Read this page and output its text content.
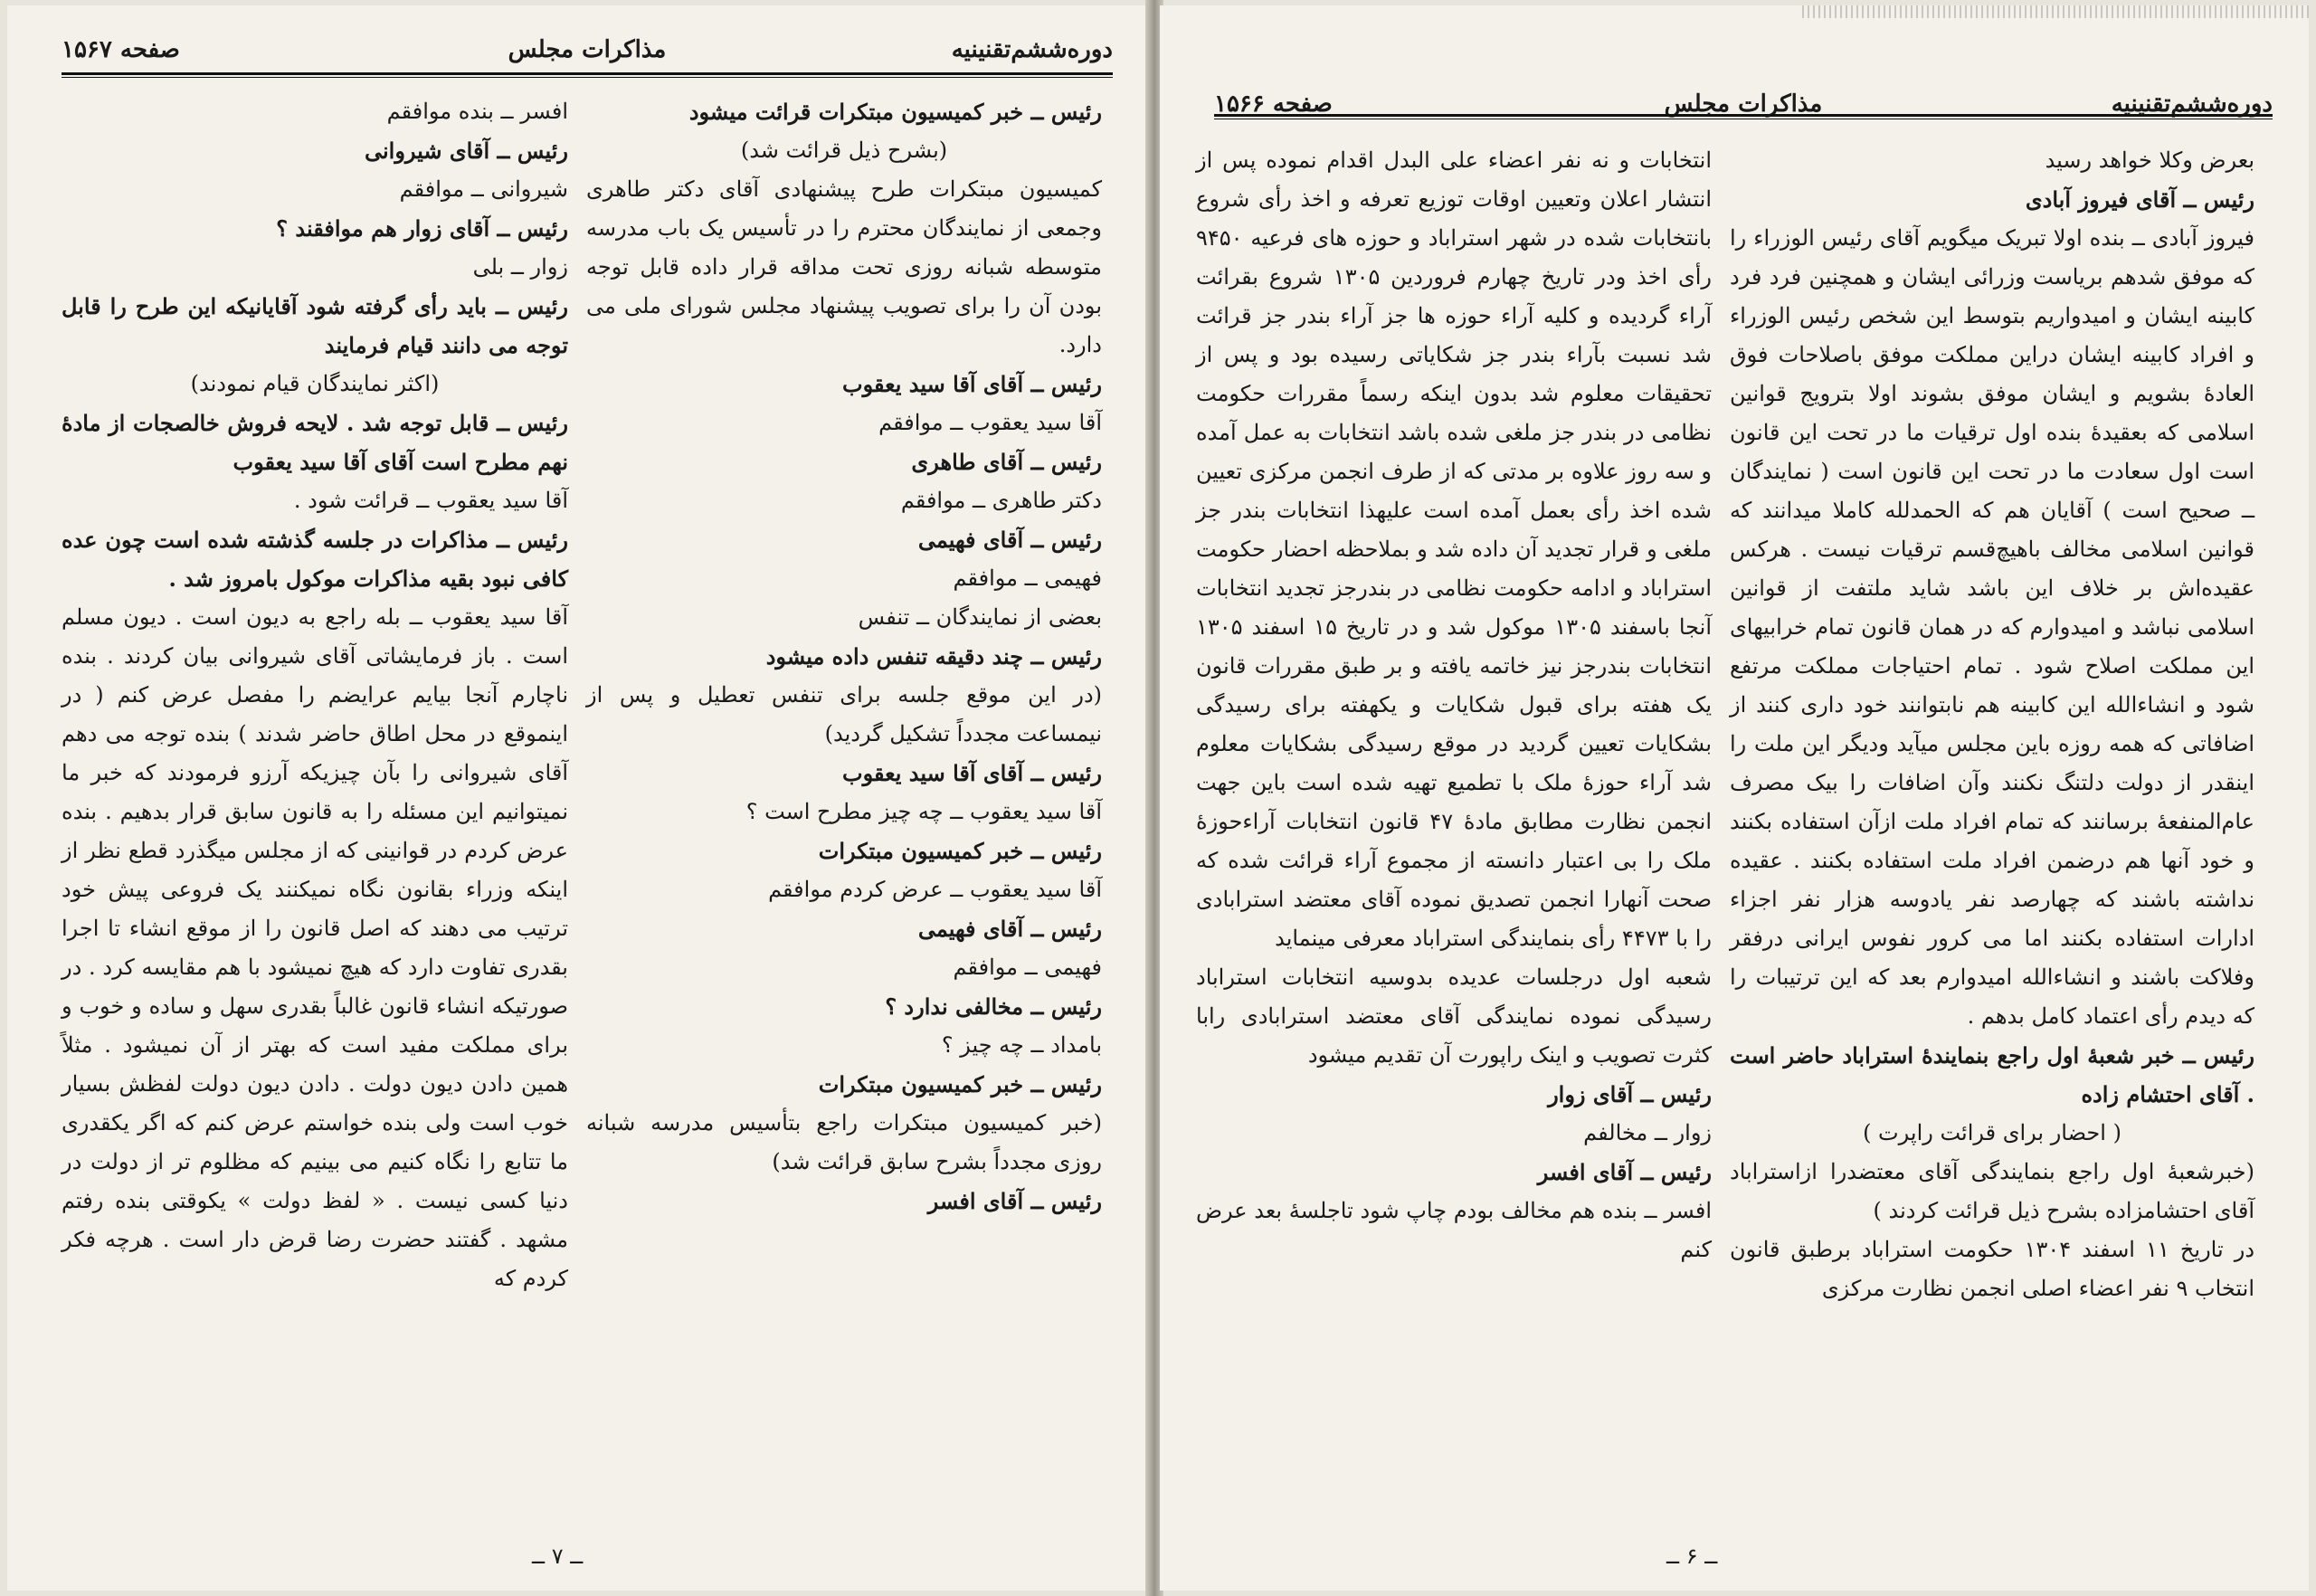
دوره‌ششم‌تقنینیه
مذاکرات مجلس
صفحه ۱۵۶۷

رئیس ــ خبر کمیسیون مبتکرات قرائت میشود

(بشرح ذیل قرائت شد)

کمیسیون مبتکرات طرح پیشنهادی آقای دکتر طاهری وجمعی از نمایندگان محترم را در تأسیس یک باب مدرسه متوسطه شبانه روزی تحت مداقه قرار داده قابل توجه بودن آن را برای تصویب پیشنهاد مجلس شورای ملی می دارد.

رئیس ــ آقای آقا سید یعقوب

آقا سید یعقوب ــ موافقم

رئیس ــ آقای طاهری

دکتر طاهری ــ موافقم

رئیس ــ آقای فهیمی

فهیمی ــ موافقم

بعضی از نمایندگان ــ تنفس

رئیس ــ چند دقیقه تنفس داده میشود

(در این موقع جلسه برای تنفس تعطیل و پس از نیمساعت مجدداً تشکیل گردید)

رئیس ــ آقای آقا سید یعقوب

آقا سید یعقوب ــ چه چیز مطرح است ؟

رئیس ــ خبر کمیسیون مبتکرات

آقا سید یعقوب ــ عرض کردم موافقم

رئیس ــ آقای فهیمی

فهیمی ــ موافقم

رئیس ــ مخالفی ندارد ؟

بامداد ــ چه چیز ؟

رئیس ــ خبر کمیسیون مبتکرات

(خبر کمیسیون مبتکرات راجع بتأسیس مدرسه شبانه روزی مجدداً بشرح سابق قرائت شد)

رئیس ــ آقای افسر

افسر ــ بنده موافقم

رئیس ــ آقای شیروانی

شیروانی ــ موافقم

رئیس ــ آقای زوار هم موافقند ؟

زوار ــ بلی

رئیس ــ باید رأی گرفته شود آقایانیکه این طرح را قابل توجه می دانند قیام فرمایند

(اکثر نمایندگان قیام نمودند)

رئیس ــ قابل توجه شد . لایحه فروش خالصجات از مادهٔ نهم مطرح است آقای آقا سید یعقوب

آقا سید یعقوب ــ قرائت شود .

رئیس ــ مذاکرات در جلسه گذشته شده است چون عده کافی نبود بقیه مذاکرات موکول بامروز شد .

آقا سید یعقوب ــ بله راجع به دیون است . دیون مسلم است . باز فرمایشاتی آقای شیروانی بیان کردند . بنده ناچارم آنجا بیایم عرایضم را مفصل عرض کنم ( در اینموقع در محل اطاق حاضر شدند ) بنده توجه می دهم آقای شیروانی را بآن چیزیکه آرزو فرمودند که خبر ما نمیتوانیم این مسئله را به قانون سابق قرار بدهیم . بنده عرض کردم در قوانینی که از مجلس میگذرد قطع نظر از اینکه وزراء بقانون نگاه نمیکنند یک فروعی پیش خود ترتیب می دهند که اصل قانون را از موقع انشاء تا اجرا بقدری تفاوت دارد که هیچ نمیشود با هم مقایسه کرد . در صورتیکه انشاء قانون غالباً بقدری سهل و ساده و خوب و برای مملکت مفید است که بهتر از آن نمیشود . مثلاً همین دادن دیون دولت . دادن دیون دولت لفظش بسیار خوب است ولی بنده خواستم عرض کنم که اگر یکقدری ما تتابع را نگاه کنیم می بینیم که مظلوم تر از دولت در دنیا کسی نیست . « لفظ دولت » یکوقتی بنده رفتم مشهد . گفتند حضرت رضا قرض دار است . هرچه فکر کردم که

ــ ۷ ــ
دوره‌ششم‌تقنینیه
مذاکرات مجلس
صفحه ۱۵۶۶

بعرض وکلا خواهد رسید

رئیس ــ آقای فیروز آبادی

فیروز آبادی ــ بنده اولا تبریک میگویم آقای رئیس الوزراء را که موفق شدهم بریاست وزرائی ایشان و همچنین فرد فرد کابینه ایشان و امیدواریم بتوسط این شخص رئیس الوزراء و افراد کابینه ایشان دراین مملکت موفق باصلاحات فوق العادهٔ بشویم و ایشان موفق بشوند اولا بترویج قوانین اسلامی که بعقیدهٔ بنده اول ترقیات ما در تحت این قانون است اول سعادت ما در تحت این قانون است ( نمایندگان ــ صحیح است ) آقایان هم که الحمدلله کاملا میدانند که قوانین اسلامی مخالف باهیچ‌قسم ترقیات نیست . هرکس عقیده‌اش بر خلاف این باشد شاید ملتفت از قوانین اسلامی نباشد و امیدوارم که در همان قانون تمام خرابیهای این مملکت اصلاح شود . تمام احتیاجات مملکت مرتفع شود و انشاءالله این کابینه هم نابتوانند خود داری کنند از اضافاتی که همه روزه باین مجلس میآید ودیگر این ملت را اینقدر از دولت دلتنگ نکنند وآن اضافات را بیک مصرف عام‌المنفعهٔ برسانند که تمام افراد ملت ازآن استفاده بکنند و خود آنها هم درضمن افراد ملت استفاده بکنند . عقیده نداشته باشند که چهارصد نفر یادوسه هزار نفر اجزاء ادارات استفاده بکنند اما می کرور نفوس ایرانی درفقر وفلاکت باشند و انشاءالله امیدوارم بعد که این ترتیبات را که دیدم رأی اعتماد کامل بدهم .

رئیس ــ خبر شعبهٔ اول راجع بنمایندهٔ استراباد حاضر است . آقای احتشام زاده

( احضار برای قرائت راپرت )

(خبرشعبهٔ اول راجع بنمایندگی آقای معتضدرا ازاستراباد آقای احتشامزاده بشرح ذیل قرائت کردند )

در تاریخ ۱۱ اسفند ۱۳۰۴ حکومت استراباد برطبق قانون انتخاب ۹ نفر اعضاء اصلی انجمن نظارت مرکزی

انتخابات و نه نفر اعضاء علی البدل اقدام نموده پس از انتشار اعلان وتعیین اوقات توزیع تعرفه و اخذ رأی شروع بانتخابات شده در شهر استراباد و حوزه های فرعیه ۹۴۵۰ رأی اخذ ودر تاریخ چهارم فروردین ۱۳۰۵ شروع بقرائت آراء گردیده و کلیه آراء حوزه ها جز آراء بندر جز قرائت شد نسبت بآراء بندر جز شکایاتی رسیده بود و پس از تحقیقات معلوم شد بدون اینکه رسماً مقررات حکومت نظامی در بندر جز ملغی شده باشد انتخابات به عمل آمده و سه روز علاوه بر مدتی که از طرف انجمن مرکزی تعیین شده اخذ رأی بعمل آمده است علیهذا انتخابات بندر جز ملغی و قرار تجدید آن داده شد و بملاحظه احضار حکومت استراباد و ادامه حکومت نظامی در بندرجز تجدید انتخابات آنجا باسفند ۱۳۰۵ موکول شد و در تاریخ ۱۵ اسفند ۱۳۰۵ انتخابات بندرجز نیز خاتمه یافته و بر طبق مقررات قانون یک هفته برای قبول شکایات و یکهفته برای رسیدگی بشکایات تعیین گردید در موقع رسیدگی بشکایات معلوم شد آراء حوزهٔ ملک با تطمیع تهیه شده است باین جهت انجمن نظارت مطابق مادهٔ ۴۷ قانون انتخابات آراءحوزهٔ ملک را بی اعتبار دانسته از مجموع آراء قرائت شده که صحت آنهارا انجمن تصدیق نموده آقای معتضد استرابادی را با ۴۴۷۳ رأی بنمایندگی استراباد معرفی مینماید

شعبه اول درجلسات عدیده بدوسیه انتخابات استراباد رسیدگی نموده نمایندگی آقای معتضد استرابادی رابا کثرت تصویب و اینک راپورت آن تقدیم میشود

رئیس ــ آقای زوار

زوار ــ مخالفم

رئیس ــ آقای افسر

افسر ــ بنده هم مخالف بودم چاپ شود تاجلسهٔ بعد عرض کنم

ــ ۶ ــ
